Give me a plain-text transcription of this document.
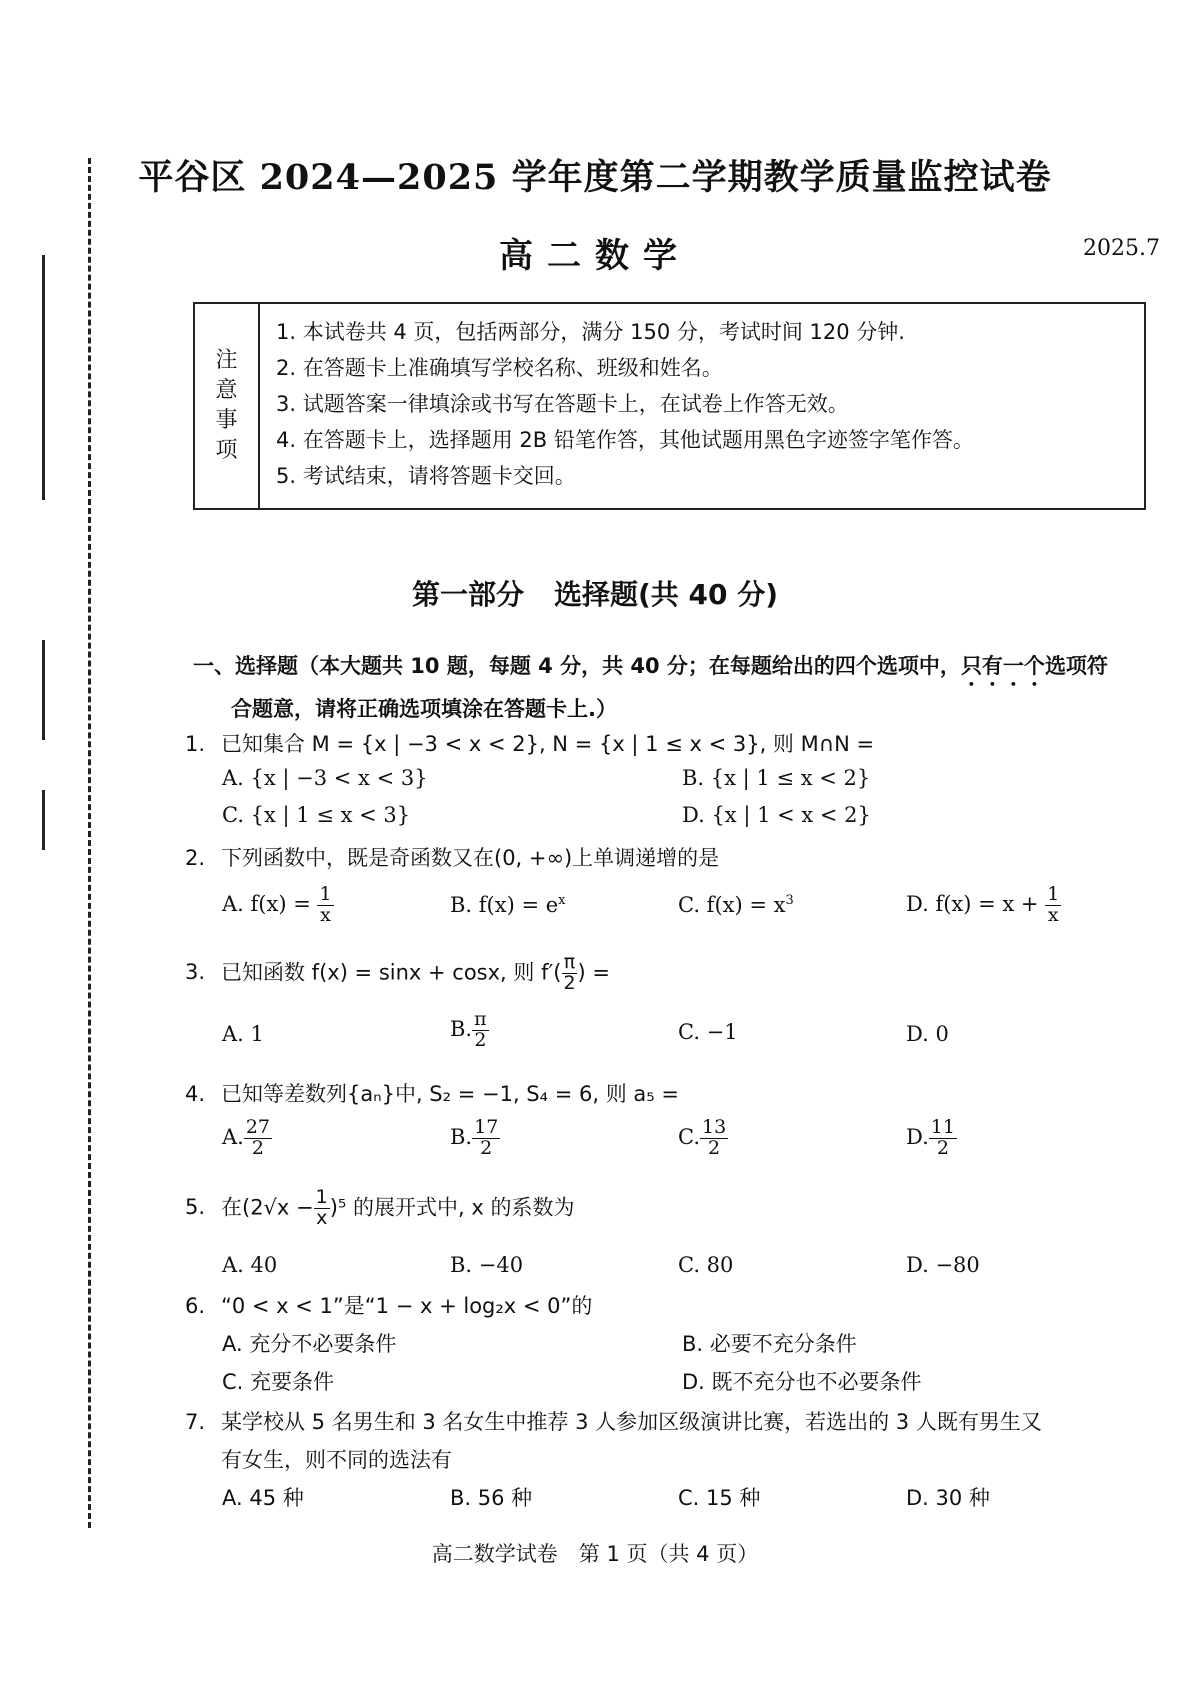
平谷区 2024—2025 学年度第二学期教学质量监控试卷
高二数学	2025.7
注
意
事
项
1. 本试卷共 4 页，包括两部分，满分 150 分，考试时间 120 分钟.
2. 在答题卡上准确填写学校名称、班级和姓名。
3. 试题答案一律填涂或书写在答题卡上，在试卷上作答无效。
4. 在答题卡上，选择题用 2B 铅笔作答，其他试题用黑色字迹签字笔作答。
5. 考试结束，请将答题卡交回。
第一部分 选择题(共 40 分)
一、选择题（本大题共 10 题，每题 4 分，共 40 分；在每题给出的四个选项中，只有一个选项符
合题意，请将正确选项填涂在答题卡上.）
1. 已知集合 M = {x | −3 < x < 2}, N = {x | 1 ≤ x < 3}, 则 M∩N =
A. {x | −3 < x < 3}	B. {x | 1 ≤ x < 2}
C. {x | 1 ≤ x < 3}	D. {x | 1 < x < 2}
2. 下列函数中，既是奇函数又在(0, +∞)上单调递增的是
A. $f(x) = \frac{1}{x}$	B. $f(x) = e^x$	C. $f(x) = x^3$	D. $f(x) = x + \frac{1}{x}$
3. 已知函数 f(x) = sinx + cosx, 则 $f'( \frac{\pi}{2}$ ) =
A. 1	B. $\frac{\pi}{2}$	C. −1	D. 0
4. 已知等差数列{aₙ}中, S₂ = −1, S₄ = 6, 则 a₅ =
A. $\frac{27}{2}$	B. $\frac{17}{2}$	C. $\frac{13}{2}$	D. $\frac{11}{2}$
5. 在$(2√x - \frac{1}{x} )^5$ 的展开式中, x 的系数为
A. 40	B. −40	C. 80	D. −80
6. “0 < x < 1”是“1 − x + log₂x < 0”的
A. 充分不必要条件	B. 必要不充分条件
C. 充要条件	D. 既不充分也不必要条件
7. 某学校从 5 名男生和 3 名女生中推荐 3 人参加区级演讲比赛，若选出的 3 人既有男生又
有女生，则不同的选法有
A. 45 种	B. 56 种	C. 15 种	D. 30 种
高二数学试卷　第 1 页（共 4 页）
